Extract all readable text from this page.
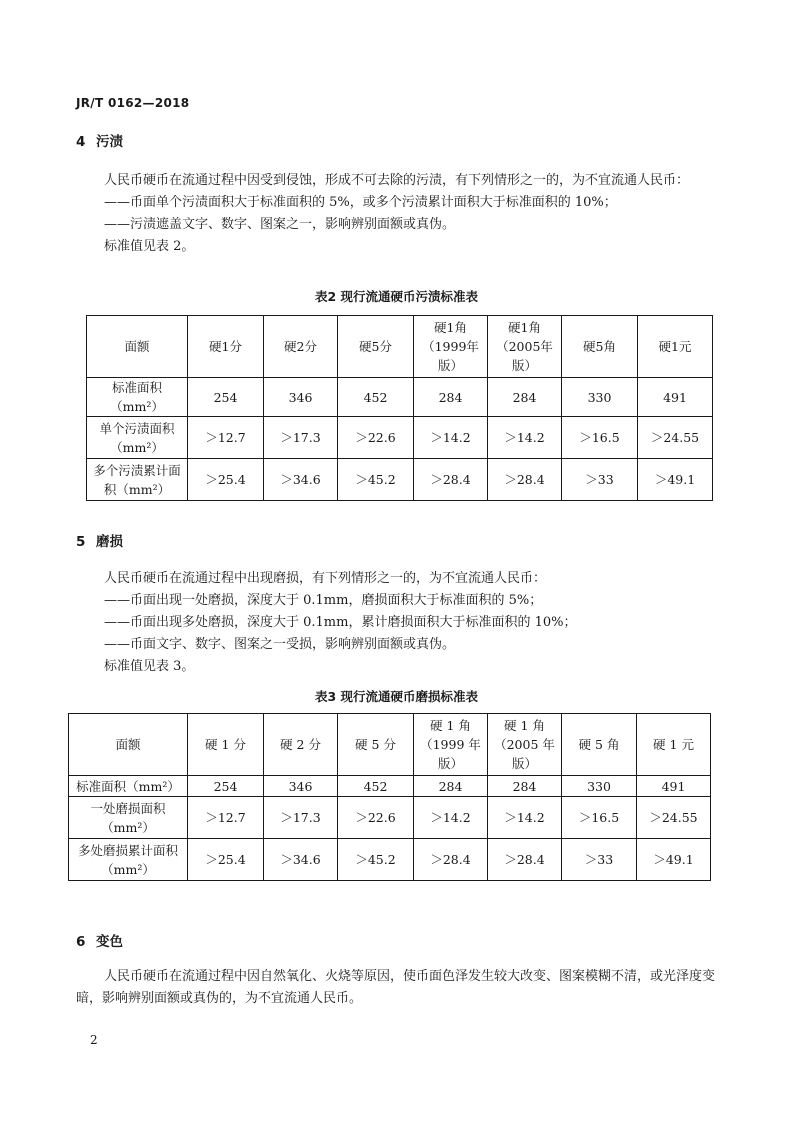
JR/T 0162—2018
4 污渍

人民币硬币在流通过程中因受到侵蚀，形成不可去除的污渍，有下列情形之一的，为不宜流通人民币：

——币面单个污渍面积大于标准面积的 5%，或多个污渍累计面积大于标准面积的 10%；

——污渍遮盖文字、数字、图案之一，影响辨别面额或真伪。

标准值见表 2。

表2 现行流通硬币污渍标准表
面额	硬1分	硬2分	硬5分	硬1角（1999年版）	硬1角（2005年版）	硬5角	硬1元
标准面积（mm²）	254	346	452	284	284	330	491
单个污渍面积（mm²）	＞12.7	＞17.3	＞22.6	＞14.2	＞14.2	＞16.5	＞24.55
多个污渍累计面积（mm²）	＞25.4	＞34.6	＞45.2	＞28.4	＞28.4	＞33	＞49.1
5 磨损

人民币硬币在流通过程中出现磨损，有下列情形之一的，为不宜流通人民币：

——币面出现一处磨损，深度大于 0.1mm，磨损面积大于标准面积的 5%；

——币面出现多处磨损，深度大于 0.1mm，累计磨损面积大于标准面积的 10%；

——币面文字、数字、图案之一受损，影响辨别面额或真伪。

标准值见表 3。

表3 现行流通硬币磨损标准表
面额	硬 1 分	硬 2 分	硬 5 分	硬 1 角（1999 年版）	硬 1 角（2005 年版）	硬 5 角	硬 1 元
标准面积（mm²）	254	346	452	284	284	330	491
一处磨损面积（mm²）	＞12.7	＞17.3	＞22.6	＞14.2	＞14.2	＞16.5	＞24.55
多处磨损累计面积（mm²）	＞25.4	＞34.6	＞45.2	＞28.4	＞28.4	＞33	＞49.1
6 变色

人民币硬币在流通过程中因自然氧化、火烧等原因，使币面色泽发生较大改变、图案模糊不清，或光泽度变暗，影响辨别面额或真伪的，为不宜流通人民币。

2
